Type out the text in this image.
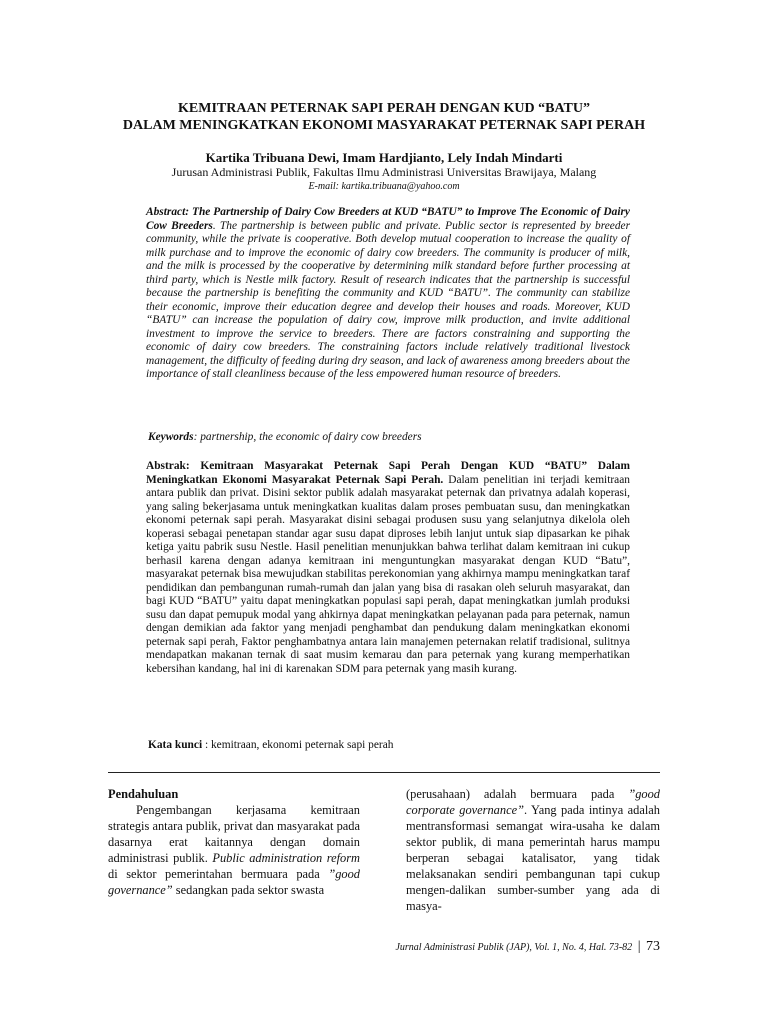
KEMITRAAN PETERNAK SAPI PERAH DENGAN KUD “BATU”
DALAM MENINGKATKAN EKONOMI MASYARAKAT PETERNAK SAPI PERAH
Kartika Tribuana Dewi, Imam Hardjianto, Lely Indah Mindarti
Jurusan Administrasi Publik, Fakultas Ilmu Administrasi Universitas Brawijaya, Malang
E-mail: kartika.tribuana@yahoo.com
Abstract: The Partnership of Dairy Cow Breeders at KUD “BATU” to Improve The Economic of Dairy Cow Breeders. The partnership is between public and private. Public sector is represented by breeder community, while the private is cooperative. Both develop mutual cooperation to increase the quality of milk purchase and to improve the economic of dairy cow breeders. The community is producer of milk, and the milk is processed by the cooperative by determining milk standard before further processing at third party, which is Nestle milk factory. Result of research indicates that the partnership is successful because the partnership is benefiting the community and KUD “BATU”. The community can stabilize their economic, improve their education degree and develop their houses and roads. Moreover, KUD “BATU” can increase the population of dairy cow, improve milk production, and invite additional investment to improve the service to breeders. There are factors constraining and supporting the economic of dairy cow breeders. The constraining factors include relatively traditional livestock management, the difficulty of feeding during dry season, and lack of awareness among breeders about the importance of stall cleanliness because of the less empowered human resource of breeders.
Keywords: partnership, the economic of dairy cow breeders
Abstrak: Kemitraan Masyarakat Peternak Sapi Perah Dengan KUD “BATU” Dalam Meningkatkan Ekonomi Masyarakat Peternak Sapi Perah. Dalam penelitian ini terjadi kemitraan antara publik dan privat. Disini sektor publik adalah masyarakat peternak dan privatnya adalah koperasi, yang saling bekerjasama untuk meningkatkan kualitas dalam proses pembuatan susu, dan meningkatkan ekonomi peternak sapi perah. Masyarakat disini sebagai produsen susu yang selanjutnya dikelola oleh koperasi sebagai penetapan standar agar susu dapat diproses lebih lanjut untuk siap dipasarkan ke pihak ketiga yaitu pabrik susu Nestle. Hasil penelitian menunjukkan bahwa terlihat dalam kemitraan ini cukup berhasil karena dengan adanya kemitraan ini menguntungkan masyarakat dengan KUD “Batu”, masyarakat peternak bisa mewujudkan stabilitas perekonomian yang akhirnya mampu meningkatkan taraf pendidikan dan pembangunan rumah-rumah dan jalan yang bisa di rasakan oleh seluruh masyarakat, dan bagi KUD “BATU” yaitu dapat meningkatkan populasi sapi perah, dapat meningkatkan jumlah produksi susu dan dapat pemupuk modal yang ahkirnya dapat meningkatkan pelayanan pada para peternak, namun dengan demikian ada faktor yang menjadi penghambat dan pendukung dalam meningkatkan ekonomi peternak sapi perah, Faktor penghambatnya antara lain manajemen peternakan relatif tradisional, sulitnya mendapatkan makanan ternak di saat musim kemarau dan para peternak yang kurang memperhatikan kebersihan kandang, hal ini di karenakan SDM para peternak yang masih kurang.
Kata kunci : kemitraan, ekonomi peternak sapi perah
Pendahuluan
Pengembangan kerjasama kemitraan strategis antara publik, privat dan masyarakat pada dasarnya erat kaitannya dengan domain administrasi publik. Public administration reform di sektor pemerintahan bermuara pada ”good governance” sedangkan pada sektor swasta
(perusahaan) adalah bermuara pada ”good corporate governance”. Yang pada intinya adalah mentransformasi semangat wira-usaha ke dalam sektor publik, di mana pemerintah harus mampu berperan sebagai katalisator, yang tidak melaksanakan sendiri pembangunan tapi cukup mengen-dalikan sumber-sumber yang ada di masya-
Jurnal Administrasi Publik (JAP), Vol. 1, No. 4, Hal. 73-82 | 73
